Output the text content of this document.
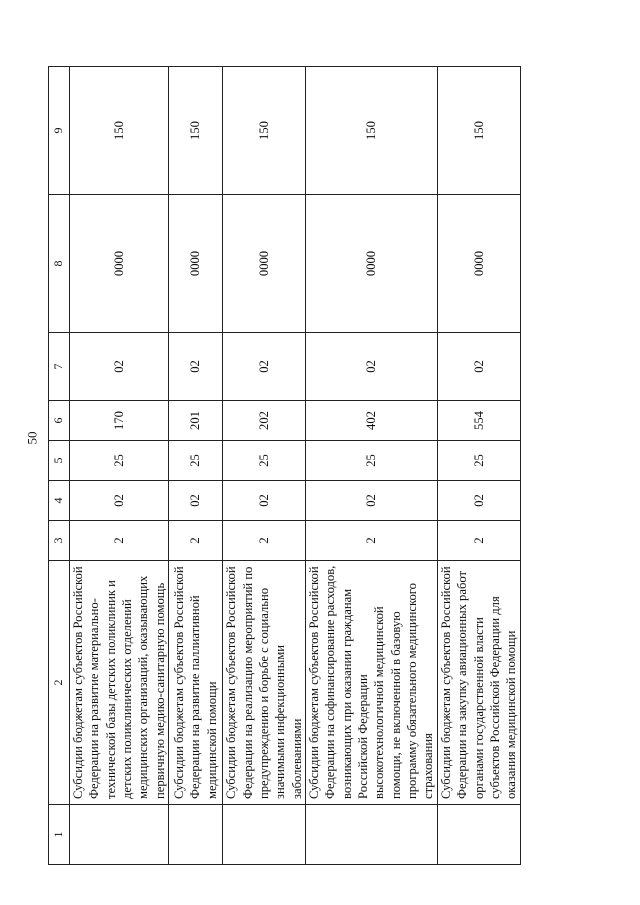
50
1	2	3	4	5	6	7	8	9
	Субсидии бюджетам субъектов Российской Федерации на развитие материально-технической базы детских поликлиник и детских поликлинических отделений медицинских организаций, оказывающих первичную медико-санитарную помощь	2	02	25	170	02	0000	150
	Субсидии бюджетам субъектов Российской Федерации на развитие паллиативной медицинской помощи	2	02	25	201	02	0000	150
	Субсидии бюджетам субъектов Российской Федерации на реализацию мероприятий по предупреждению и борьбе с социально значимыми инфекционными заболеваниями	2	02	25	202	02	0000	150
	Субсидии бюджетам субъектов Российской Федерации на софинансирование расходов, возникающих при оказании гражданам Российской Федерации высокотехнологичной медицинской помощи, не включенной в базовую программу обязательного медицинского страхования	2	02	25	402	02	0000	150
	Субсидии бюджетам субъектов Российской Федерации на закупку авиационных работ органами государственной власти субъектов Российской Федерации для оказания медицинской помощи	2	02	25	554	02	0000	150
